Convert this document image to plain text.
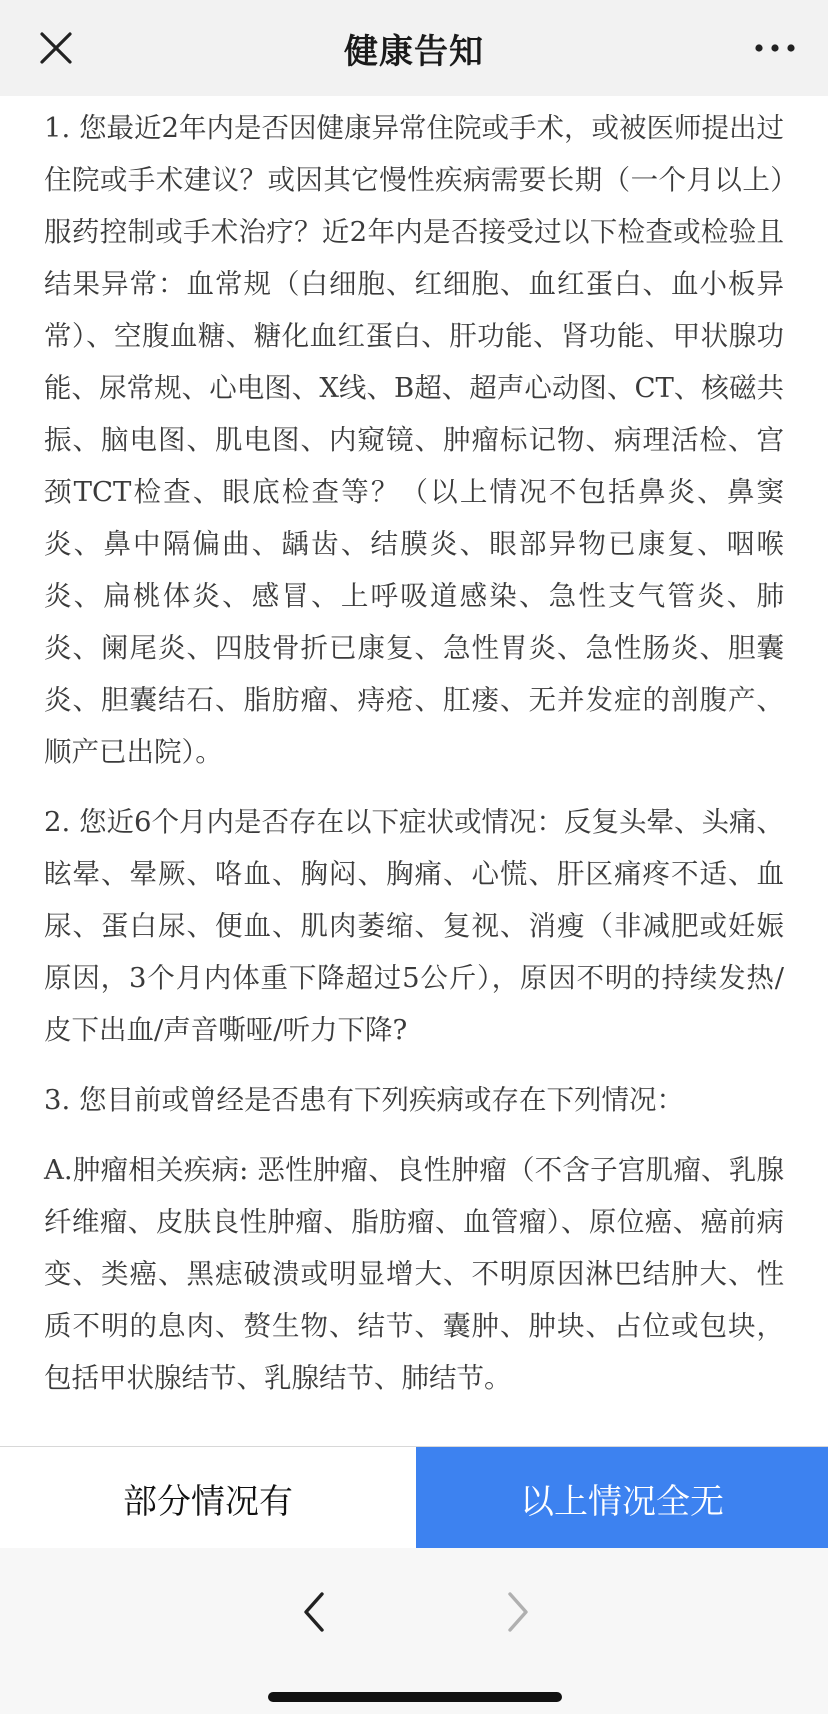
健康告知

1. 您最近2年内是否因健康异常住院或手术，或被医师提出过住院或手术建议？或因其它慢性疾病需要长期（一个月以上）服药控制或手术治疗？近2年内是否接受过以下检查或检验且结果异常：血常规（白细胞、红细胞、血红蛋白、血小板异常）、空腹血糖、糖化血红蛋白、肝功能、肾功能、甲状腺功能、尿常规、心电图、X线、B超、超声心动图、CT、核磁共振、脑电图、肌电图、内窥镜、肿瘤标记物、病理活检、宫颈TCT检查、眼底检查等？（以上情况不包括鼻炎、鼻窦炎、鼻中隔偏曲、龋齿、结膜炎、眼部异物已康复、咽喉炎、扁桃体炎、感冒、上呼吸道感染、急性支气管炎、肺炎、阑尾炎、四肢骨折已康复、急性胃炎、急性肠炎、胆囊炎、胆囊结石、脂肪瘤、痔疮、肛瘘、无并发症的剖腹产、顺产已出院）。

2. 您近6个月内是否存在以下症状或情况：反复头晕、头痛、眩晕、晕厥、咯血、胸闷、胸痛、心慌、肝区痛疼不适、血尿、蛋白尿、便血、肌肉萎缩、复视、消瘦（非减肥或妊娠原因，3个月内体重下降超过5公斤），原因不明的持续发热/皮下出血/声音嘶哑/听力下降?

3. 您目前或曾经是否患有下列疾病或存在下列情况：

A.肿瘤相关疾病: 恶性肿瘤、良性肿瘤（不含子宫肌瘤、乳腺纤维瘤、皮肤良性肿瘤、脂肪瘤、血管瘤）、原位癌、癌前病变、类癌、黑痣破溃或明显增大、不明原因淋巴结肿大、性质不明的息肉、赘生物、结节、囊肿、肿块、占位或包块，包括甲状腺结节、乳腺结节、肺结节。

部分情况有	以上情况全无
